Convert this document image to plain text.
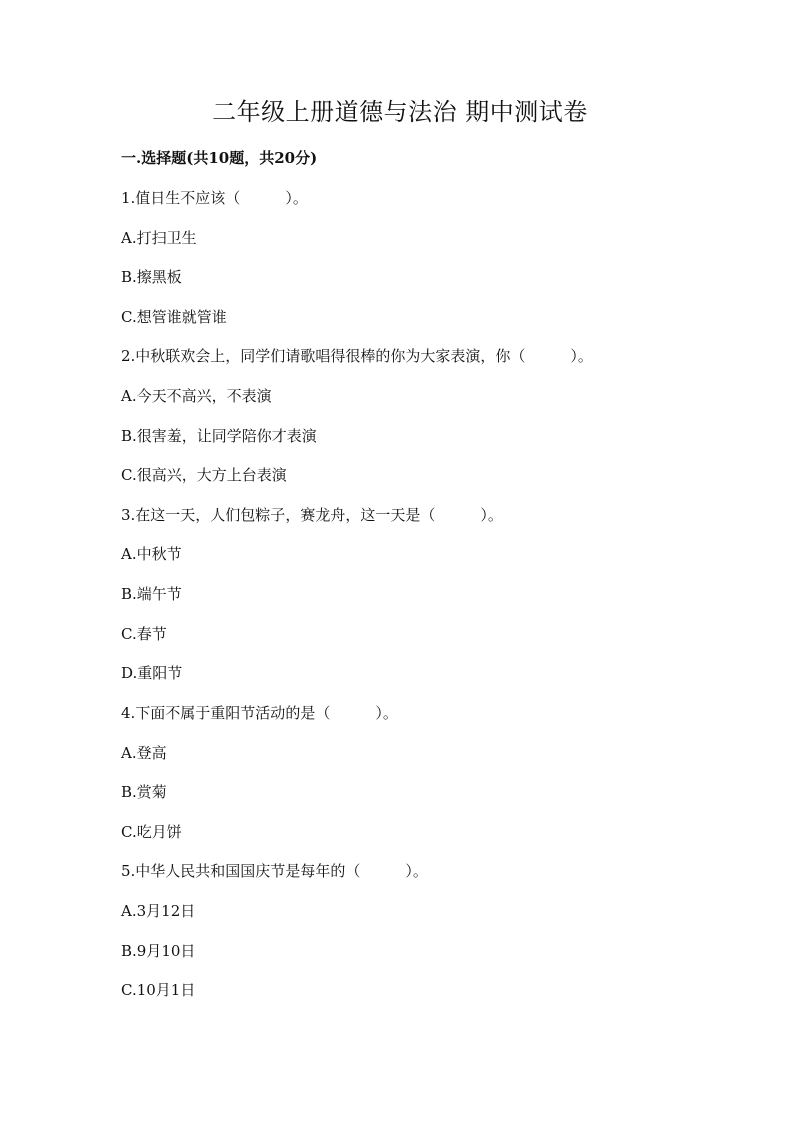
二年级上册道德与法治 期中测试卷
一.选择题(共10题，共20分)
1.值日生不应该（　　　）。
A.打扫卫生
B.擦黑板
C.想管谁就管谁
2.中秋联欢会上，同学们请歌唱得很棒的你为大家表演，你（　　　）。
A.今天不高兴，不表演
B.很害羞，让同学陪你才表演
C.很高兴，大方上台表演
3.在这一天，人们包粽子，赛龙舟，这一天是（　　　）。
A.中秋节
B.端午节
C.春节
D.重阳节
4.下面不属于重阳节活动的是（　　　）。
A.登高
B.赏菊
C.吃月饼
5.中华人民共和国国庆节是每年的（　　　）。
A.3月12日
B.9月10日
C.10月1日
